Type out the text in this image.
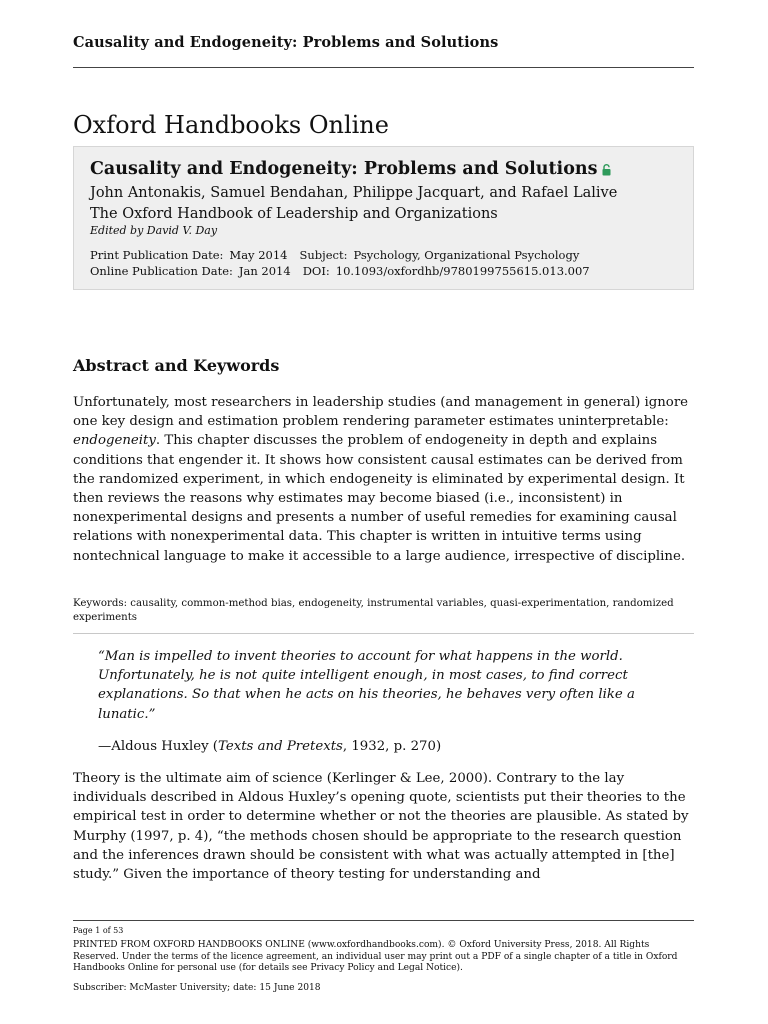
Causality and Endogeneity: Problems and Solutions
Oxford Handbooks Online
Causality and Endogeneity: Problems and Solutions
John Antonakis, Samuel Bendahan, Philippe Jacquart, and Rafael Lalive
The Oxford Handbook of Leadership and Organizations
Edited by David V. Day
Print Publication Date: May 2014 Subject: Psychology, Organizational Psychology
Online Publication Date: Jan 2014 DOI: 10.1093/oxfordhb/9780199755615.013.007
Abstract and Keywords

Unfortunately, most researchers in leadership studies (and management in general) ignore one key design and estimation problem rendering parameter estimates uninterpretable: endogeneity. This chapter discusses the problem of endogeneity in depth and explains conditions that engender it. It shows how consistent causal estimates can be derived from the randomized experiment, in which endogeneity is eliminated by experimental design. It then reviews the reasons why estimates may become biased (i.e., inconsistent) in nonexperimental designs and presents a number of useful remedies for examining causal relations with nonexperimental data. This chapter is written in intuitive terms using nontechnical language to make it accessible to a large audience, irrespective of discipline.

Keywords: causality, common-method bias, endogeneity, instrumental variables, quasi-experimentation, randomized experiments

“Man is impelled to invent theories to account for what happens in the world. Unfortunately, he is not quite intelligent enough, in most cases, to find correct explanations. So that when he acts on his theories, he behaves very often like a lunatic.”

—Aldous Huxley (Texts and Pretexts, 1932, p. 270)

Theory is the ultimate aim of science (Kerlinger & Lee, 2000). Contrary to the lay individuals described in Aldous Huxley’s opening quote, scientists put their theories to the empirical test in order to determine whether or not the theories are plausible. As stated by Murphy (1997, p. 4), “the methods chosen should be appropriate to the research question and the inferences drawn should be consistent with what was actually attempted in [the] study.” Given the importance of theory testing for understanding and

Page 1 of 53
PRINTED FROM OXFORD HANDBOOKS ONLINE (www.oxfordhandbooks.com). © Oxford University Press, 2018. All Rights Reserved. Under the terms of the licence agreement, an individual user may print out a PDF of a single chapter of a title in Oxford Handbooks Online for personal use (for details see Privacy Policy and Legal Notice).
Subscriber: McMaster University; date: 15 June 2018
